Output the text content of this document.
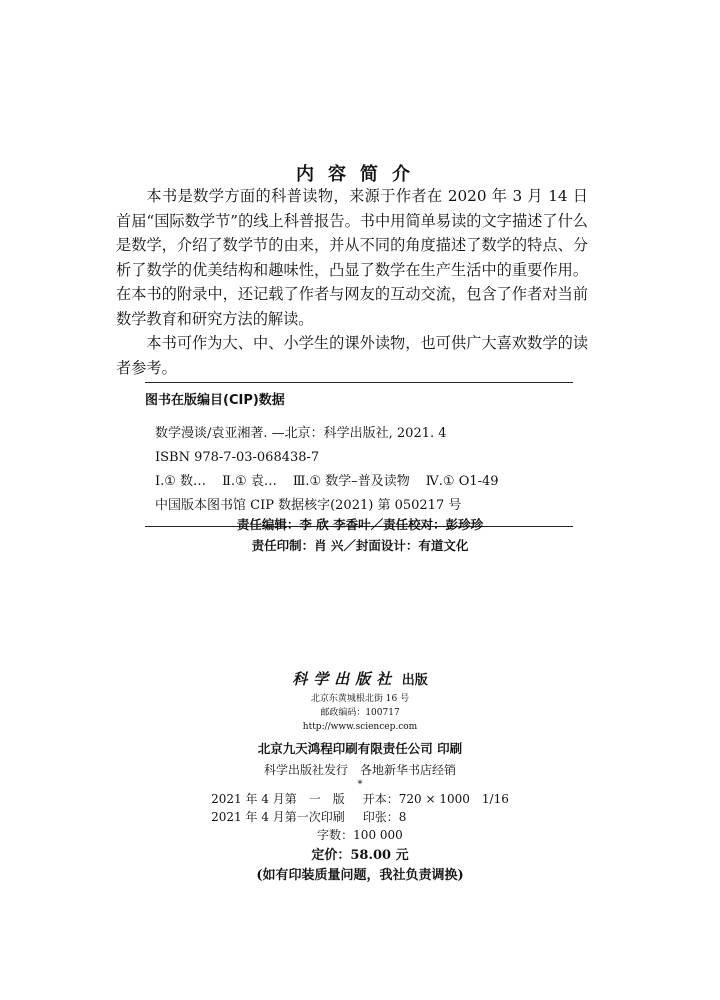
内容简介

本书是数学方面的科普读物，来源于作者在 2020 年 3 月 14 日首届“国际数学节”的线上科普报告。书中用简单易读的文字描述了什么是数学，介绍了数学节的由来，并从不同的角度描述了数学的特点、分析了数学的优美结构和趣味性，凸显了数学在生产生活中的重要作用。在本书的附录中，还记载了作者与网友的互动交流，包含了作者对当前数学教育和研究方法的解读。

本书可作为大、中、小学生的课外读物，也可供广大喜欢数学的读者参考。

图书在版编目(CIP)数据
数学漫谈/袁亚湘著. —北京：科学出版社, 2021. 4
ISBN 978-7-03-068438-7
Ⅰ.① 数… Ⅱ.① 袁… Ⅲ.① 数学–普及读物 Ⅳ.① O1-49
中国版本图书馆 CIP 数据核字(2021) 第 050217 号
责任编辑：李 欣 李香叶／责任校对：彭珍珍
责任印制：肖 兴／封面设计：有道文化
科学出版社 出版
北京东黄城根北街 16 号
邮政编码：100717
http://www.sciencep.com
北京九天鸿程印刷有限责任公司 印刷
科学出版社发行　各地新华书店经销
*
2021 年 4 月第　一　版 开本：720 × 1000　1/16
2021 年 4 月第一次印刷 印张：8
字数：100 000
定价：58.00 元
(如有印装质量问题，我社负责调换)
